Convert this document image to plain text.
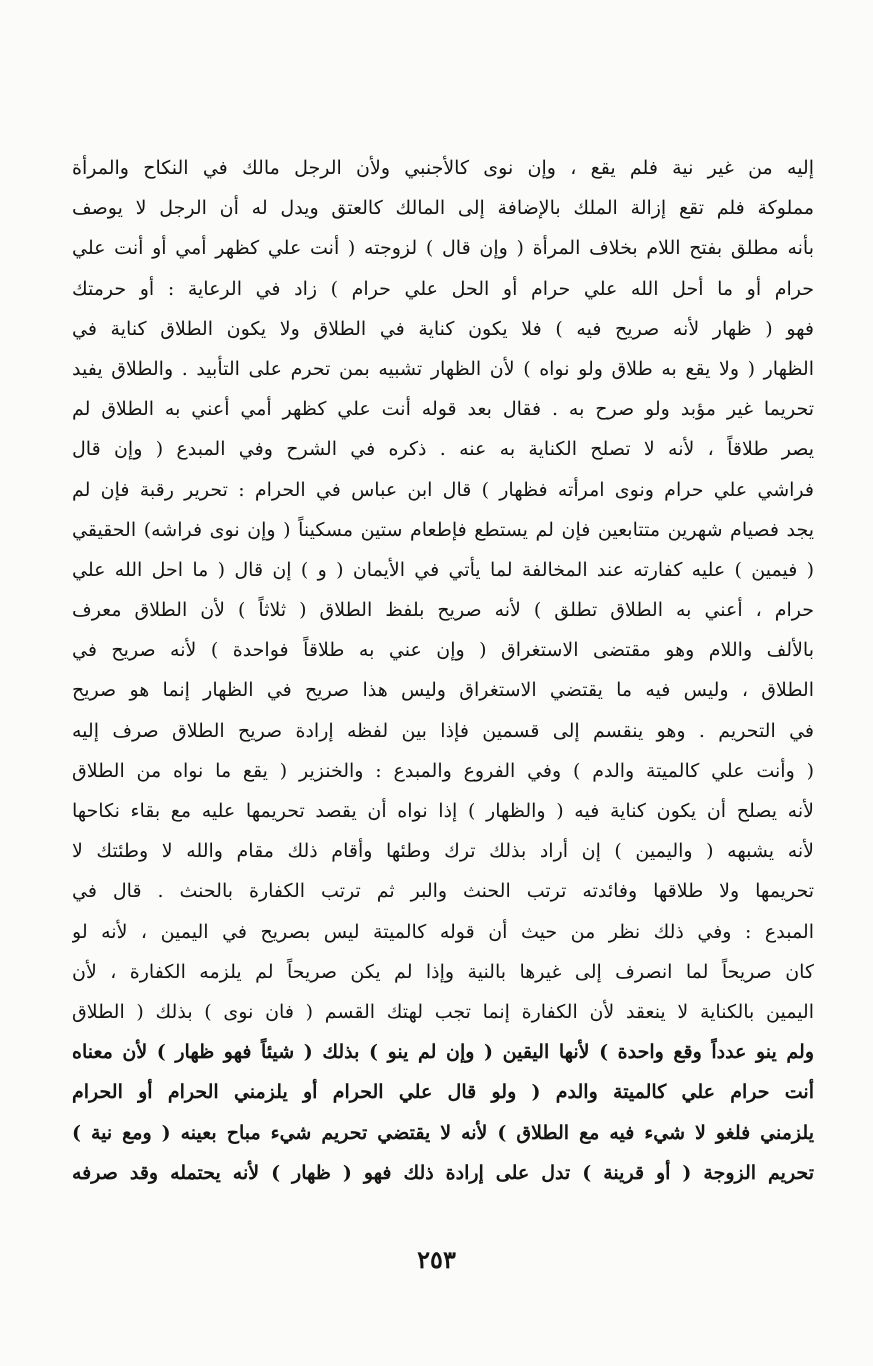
إليه من غير نية فلم يقع ، وإن نوى كالأجنبي ولأن الرجل مالك في النكاح والمرأة
مملوكة فلم تقع إزالة الملك بالإضافة إلى المالك كالعتق ويدل له أن الرجل لا يوصف
بأنه مطلق بفتح اللام بخلاف المرأة ( وإن قال ) لزوجته ( أنت علي كظهر أمي أو أنت علي
حرام أو ما أحل الله علي حرام أو الحل علي حرام ) زاد في الرعاية : أو حرمتك
فهو ( ظهار لأنه صريح فيه ) فلا يكون كناية في الطلاق ولا يكون الطلاق كناية في
الظهار ( ولا يقع به طلاق ولو نواه ) لأن الظهار تشبيه بمن تحرم على التأبيد . والطلاق يفيد
تحريما غير مؤبد ولو صرح به . فقال بعد قوله أنت علي كظهر أمي أعني به الطلاق لم
يصر طلاقاً ، لأنه لا تصلح الكناية به عنه . ذكره في الشرح وفي المبدع ( وإن قال
فراشي علي حرام ونوى امرأته فظهار ) قال ابن عباس في الحرام : تحرير رقبة فإن لم
يجد فصيام شهرين متتابعين فإن لم يستطع فإطعام ستين مسكيناً ( وإن نوى فراشه) الحقيقي
( فيمين ) عليه كفارته عند المخالفة لما يأتي في الأيمان ( و ) إن قال ( ما احل الله علي
حرام ، أعني به الطلاق تطلق ) لأنه صريح بلفظ الطلاق ( ثلاثاً ) لأن الطلاق معرف
بالألف واللام وهو مقتضى الاستغراق ( وإن عني به طلاقاً فواحدة ) لأنه صريح في
الطلاق ، وليس فيه ما يقتضي الاستغراق وليس هذا صريح في الظهار إنما هو صريح
في التحريم . وهو ينقسم إلى قسمين فإذا بين لفظه إرادة صريح الطلاق صرف إليه
( وأنت علي كالميتة والدم ) وفي الفروع والمبدع : والخنزير ( يقع ما نواه من الطلاق
لأنه يصلح أن يكون كناية فيه ( والظهار ) إذا نواه أن يقصد تحريمها عليه مع بقاء نكاحها
لأنه يشبهه ( واليمين ) إن أراد بذلك ترك وطئها وأقام ذلك مقام والله لا وطئتك لا
تحريمها ولا طلاقها وفائدته ترتب الحنث والبر ثم ترتب الكفارة بالحنث . قال في
المبدع : وفي ذلك نظر من حيث أن قوله كالميتة ليس بصريح في اليمين ، لأنه لو
كان صريحاً لما انصرف إلى غيرها بالنية وإذا لم يكن صريحاً لم يلزمه الكفارة ، لأن
اليمين بالكناية لا ينعقد لأن الكفارة إنما تجب لهتك القسم ( فان نوى ) بذلك ( الطلاق
ولم ينو عدداً وقع واحدة ) لأنها اليقين ( وإن لم ينو ) بذلك ( شيئاً فهو ظهار ) لأن معناه
أنت حرام علي كالميتة والدم ( ولو قال علي الحرام أو يلزمني الحرام أو الحرام
يلزمني فلغو لا شيء فيه مع الطلاق ) لأنه لا يقتضي تحريم شيء مباح بعينه ( ومع نية )
تحريم الزوجة ( أو قرينة ) تدل على إرادة ذلك فهو ( ظهار ) لأنه يحتمله وقد صرفه
٢٥٣
